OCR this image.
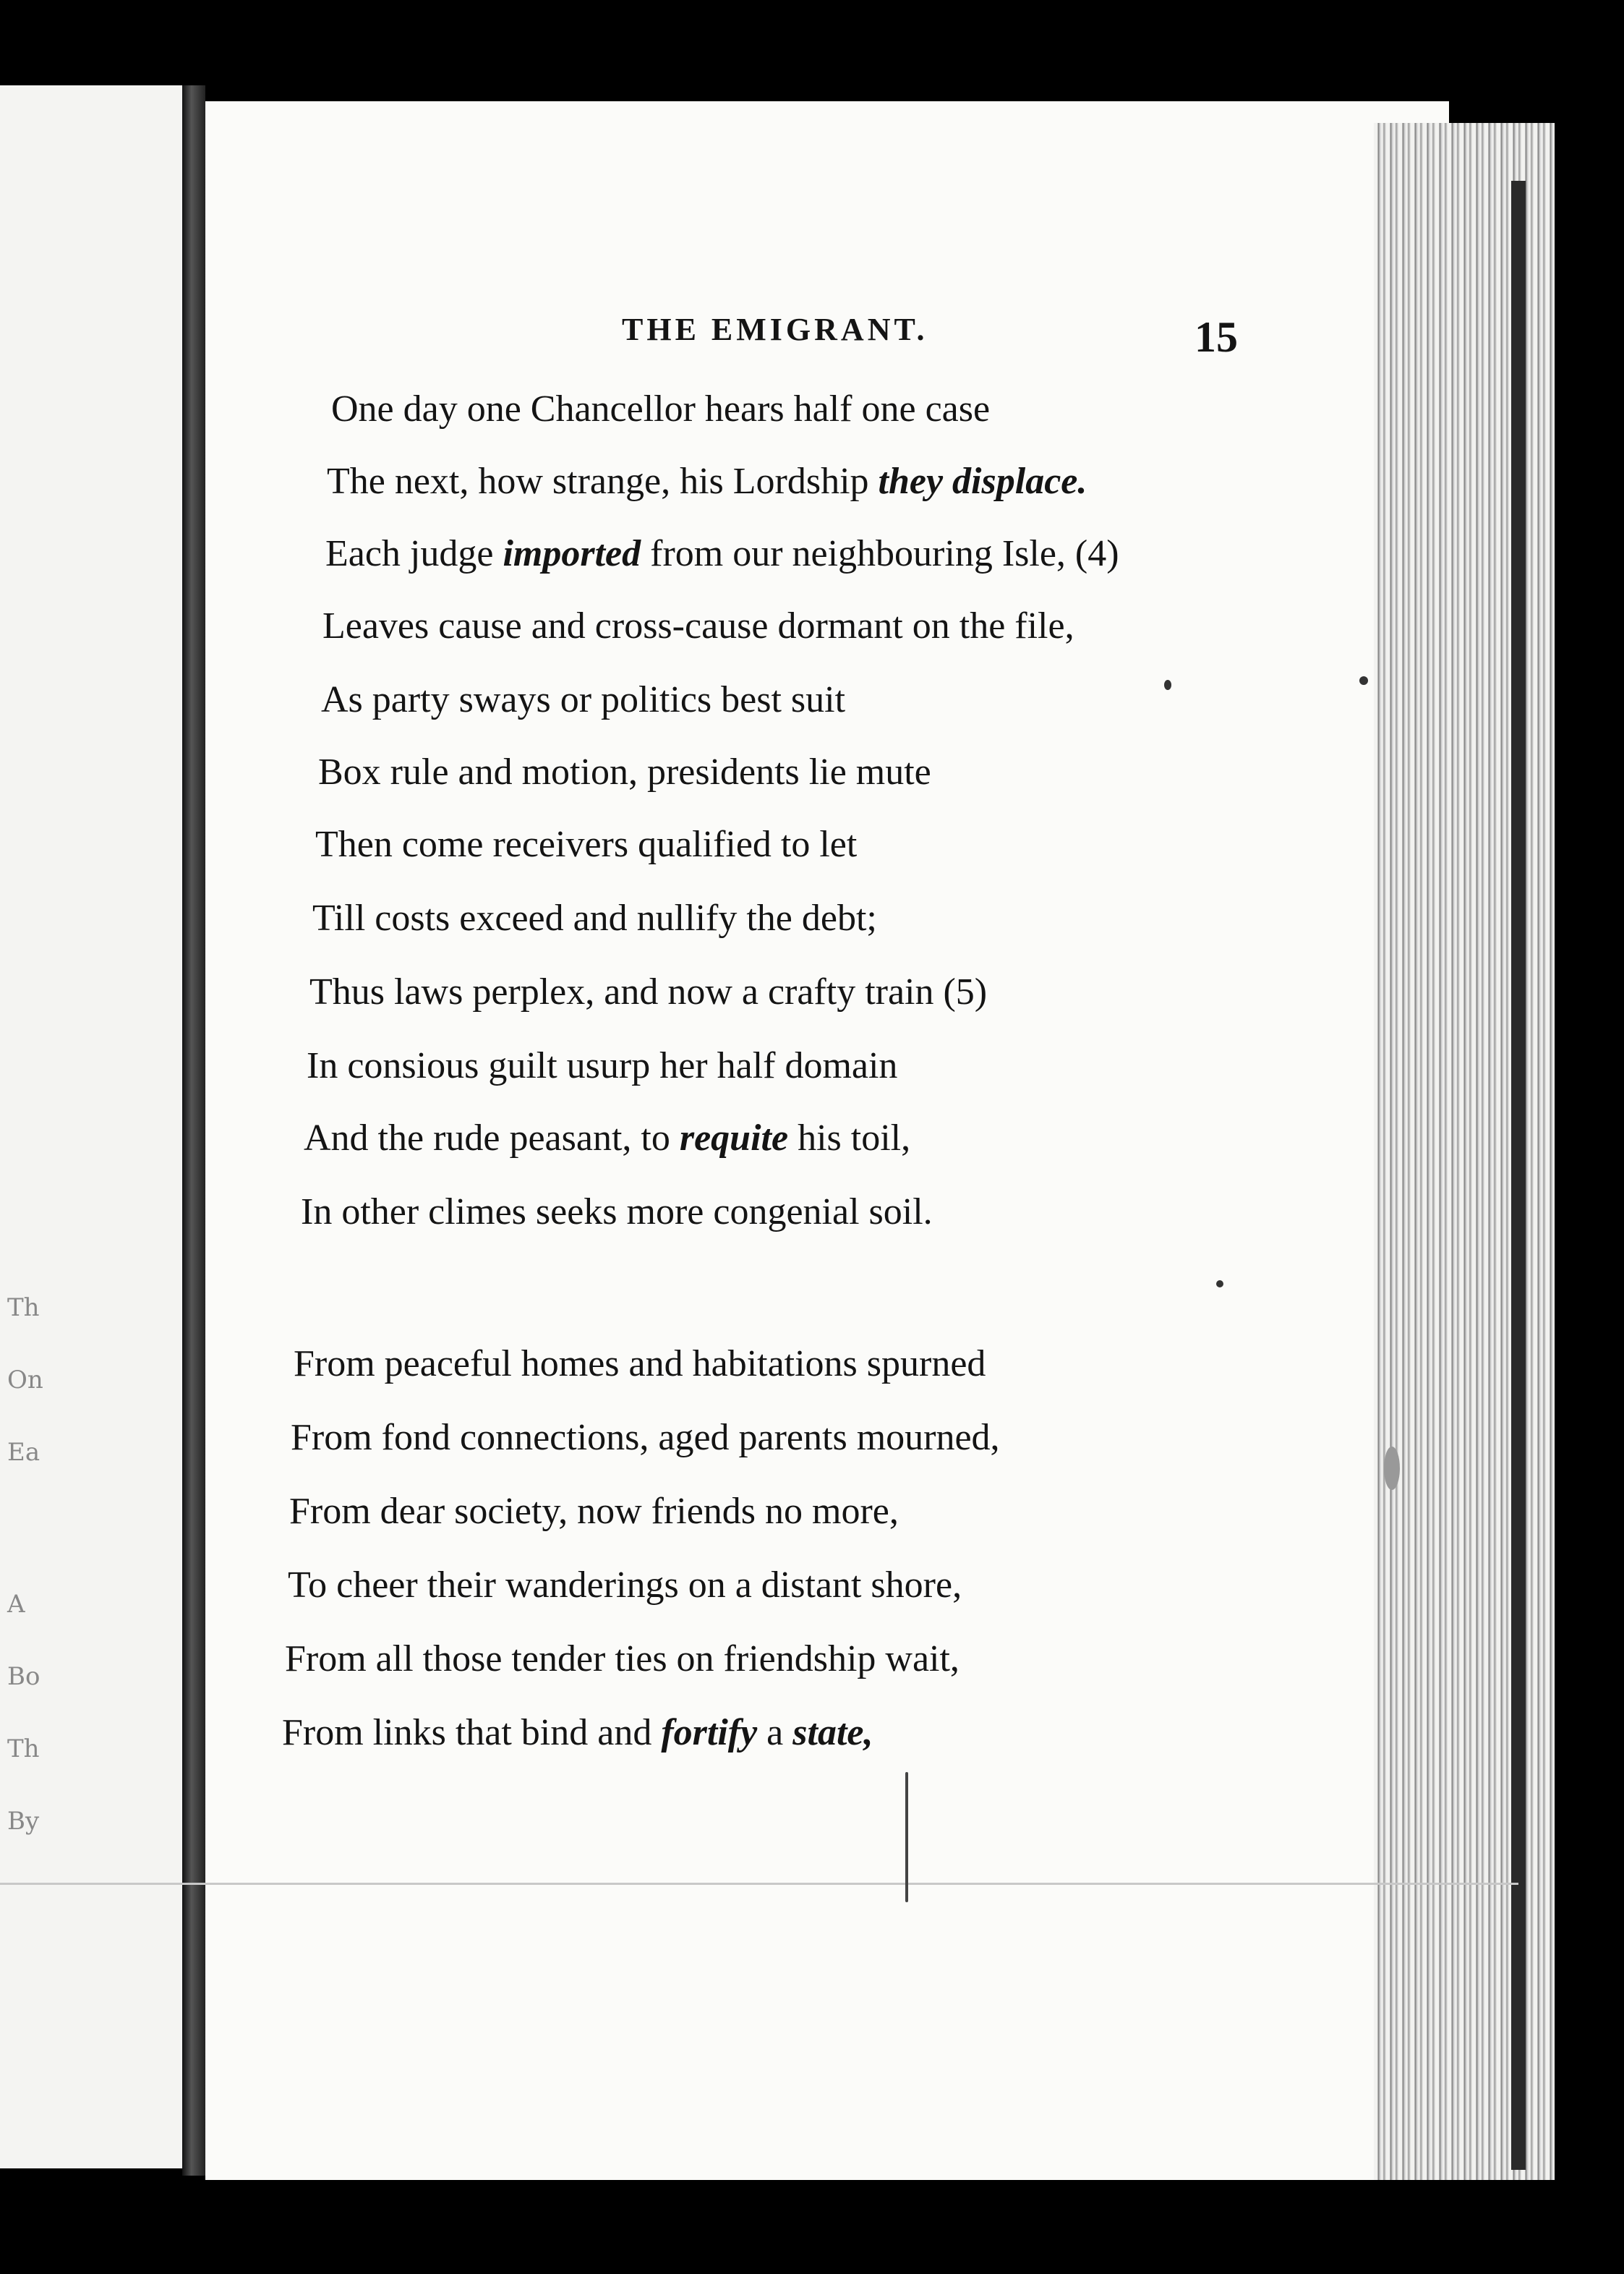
Th
On
Ea
A
Bo
Th
By
THE EMIGRANT.	15
One day one Chancellor hears half one case
The next, how strange, his Lordship they displace.
Each judge imported from our neighbouring Isle, (4)
Leaves cause and cross-cause dormant on the file,
As party sways or politics best suit
Box rule and motion, presidents lie mute
Then come receivers qualified to let
Till costs exceed and nullify the debt;
Thus laws perplex, and now a crafty train (5)
In consious guilt usurp her half domain
And the rude peasant, to requite his toil,
In other climes seeks more congenial soil.
From peaceful homes and habitations spurned
From fond connections, aged parents mourned,
From dear society, now friends no more,
To cheer their wanderings on a distant shore,
From all those tender ties on friendship wait,
From links that bind and fortify a state,
